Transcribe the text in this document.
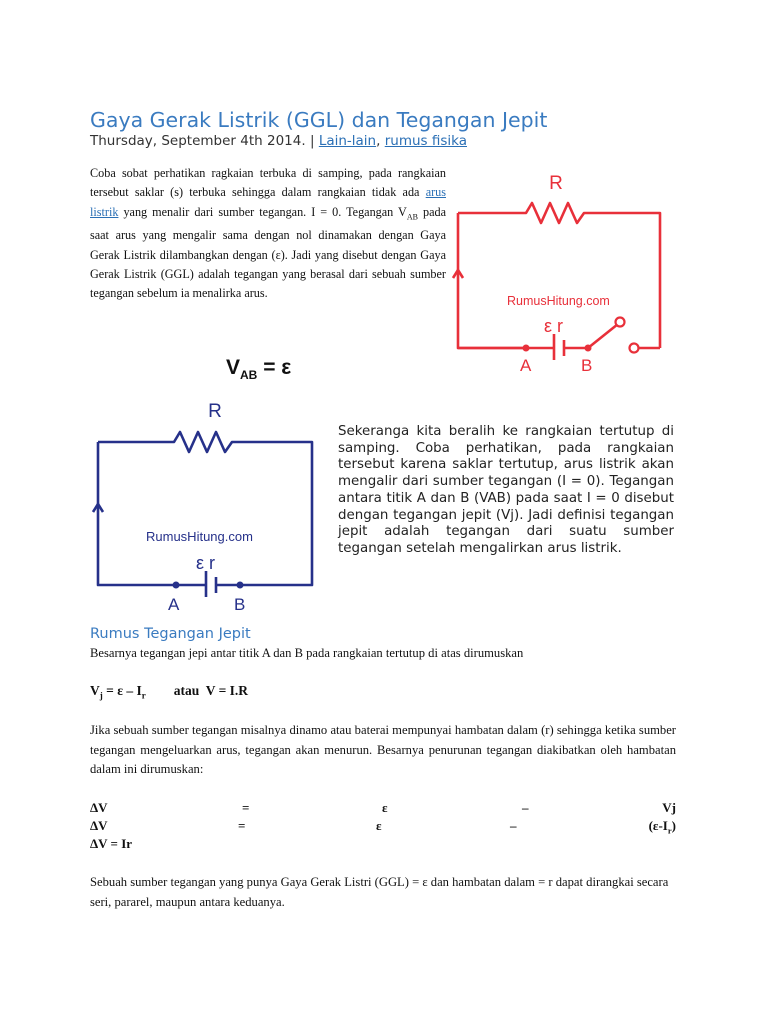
Gaya Gerak Listrik (GGL) dan Tegangan Jepit
Thursday, September 4th 2014. | Lain-lain, rumus fisika
Coba sobat perhatikan ragkaian terbuka di samping, pada rangkaian tersebut saklar (s) terbuka sehingga dalam rangkaian tidak ada arus listrik yang menalir dari sumber tegangan. I = 0. Tegangan $V_{AB}$ pada saat arus yang mengalir sama dengan nol dinamakan dengan Gaya Gerak Listrik dilambangkan dengan (ε). Jadi yang disebut dengan Gaya Gerak Listrik (GGL) adalah tegangan yang berasal dari sebuah sumber tegangan sebelum ia menalirka arus.
R
RumusHitung.com
ε r
A	B
$V_{AB} = \varepsilon$
R
RumusHitung.com
ε r
A	B
Sekeranga kita beralih ke rangkaian tertutup di samping. Coba perhatikan, pada rangkaian tersebut karena saklar tertutup, arus listrik akan mengalir dari sumber tegangan (I = 0). Tegangan antara titik A dan B (VAB) pada saat I = 0 disebut dengan tegangan jepit (Vj). Jadi definisi tegangan jepit adalah tegangan dari suatu sumber tegangan setelah mengalirkan arus listrik.
Rumus Tegangan Jepit
Besarnya tegangan jepi antar titik A dan B pada rangkaian tertutup di atas dirumuskan
$V_j = \varepsilon - I_r$ atau  V = I.R
Jika sebuah sumber tegangan misalnya dinamo atau baterai mempunyai hambatan dalam (r) sehingga ketika sumber tegangan mengeluarkan arus, tegangan akan menurun. Besarnya penurunan tegangan diakibatkan oleh hambatan dalam ini dirumuskan:
ΔV	=	ε	–	Vj
ΔV	=	ε	–	$(\varepsilon-I_r)$
ΔV = Ir
Sebuah sumber tegangan yang punya Gaya Gerak Listri (GGL) = ε dan hambatan dalam = r dapat dirangkai secara seri, pararel, maupun antara keduanya.
